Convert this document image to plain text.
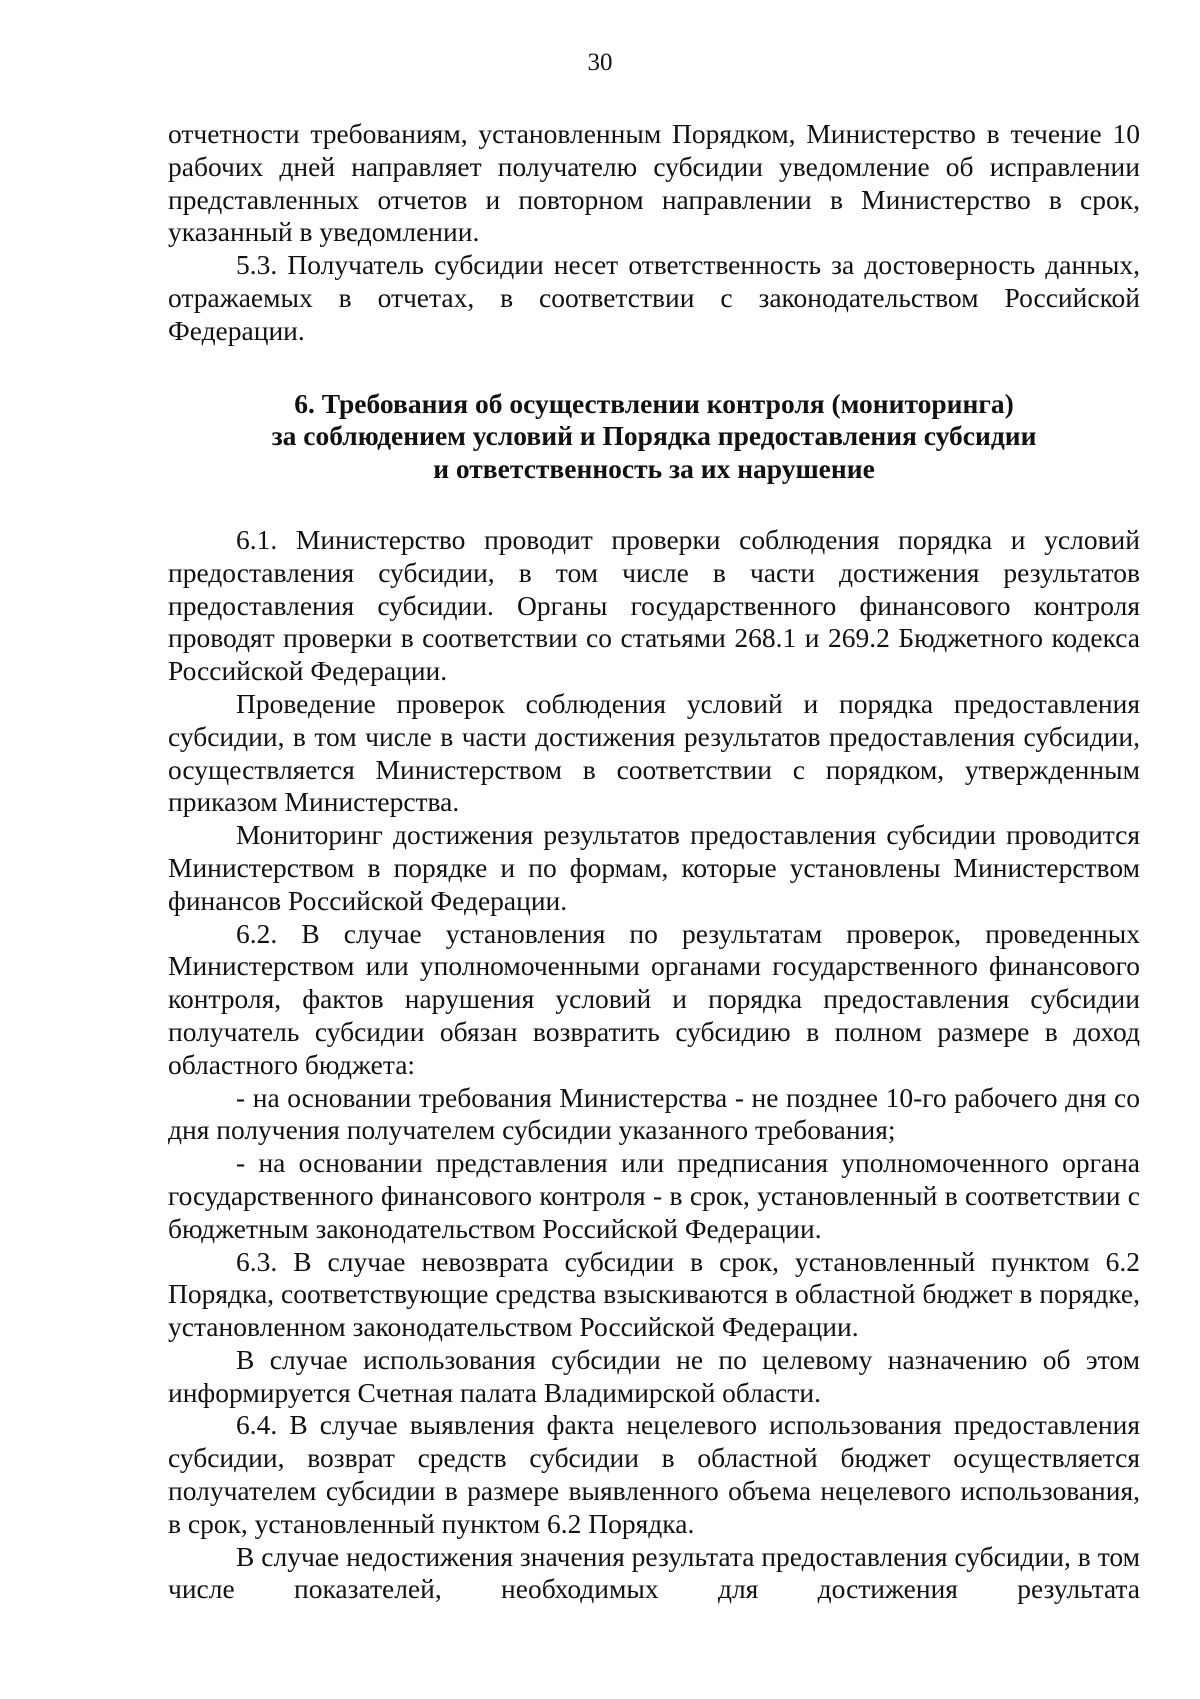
30

отчетности требованиям, установленным Порядком, Министерство в течение 10 рабочих дней направляет получателю субсидии уведомление об исправлении представленных отчетов и повторном направлении в Министерство в срок, указанный в уведомлении.

5.3. Получатель субсидии несет ответственность за достоверность данных, отражаемых в отчетах, в соответствии с законодательством Российской Федерации.

6. Требования об осуществлении контроля (мониторинга)
за соблюдением условий и Порядка предоставления субсидии
и ответственность за их нарушение

6.1. Министерство проводит проверки соблюдения порядка и условий предоставления субсидии, в том числе в части достижения результатов предоставления субсидии. Органы государственного финансового контроля проводят проверки в соответствии со статьями 268.1 и 269.2 Бюджетного кодекса Российской Федерации.

Проведение проверок соблюдения условий и порядка предоставления субсидии, в том числе в части достижения результатов предоставления субсидии, осуществляется Министерством в соответствии с порядком, утвержденным приказом Министерства.

Мониторинг достижения результатов предоставления субсидии проводится Министерством в порядке и по формам, которые установлены Министерством финансов Российской Федерации.

6.2. В случае установления по результатам проверок, проведенных Министерством или уполномоченными органами государственного финансового контроля, фактов нарушения условий и порядка предоставления субсидии получатель субсидии обязан возвратить субсидию в полном размере в доход областного бюджета:

- на основании требования Министерства - не позднее 10-го рабочего дня со дня получения получателем субсидии указанного требования;

- на основании представления или предписания уполномоченного органа государственного финансового контроля - в срок, установленный в соответствии с бюджетным законодательством Российской Федерации.

6.3. В случае невозврата субсидии в срок, установленный пунктом 6.2 Порядка, соответствующие средства взыскиваются в областной бюджет в порядке, установленном законодательством Российской Федерации.

В случае использования субсидии не по целевому назначению об этом информируется Счетная палата Владимирской области.

6.4. В случае выявления факта нецелевого использования предоставления субсидии, возврат средств субсидии в областной бюджет осуществляется получателем субсидии в размере выявленного объема нецелевого использования, в срок, установленный пунктом 6.2 Порядка.

В случае недостижения значения результата предоставления субсидии, в том числе показателей, необходимых для достижения результата
